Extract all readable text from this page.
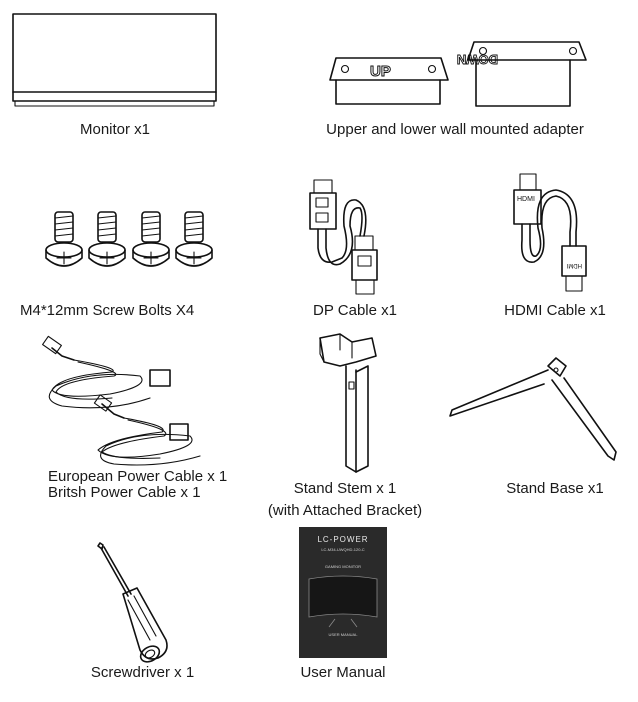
Monitor x1
UP
DOWN
Upper and lower wall mounted adapter
M4*12mm Screw Bolts X4	DP Cable x1
HDMI
HDMI
HDMI Cable x1
European Power Cable x 1
Britsh Power Cable x 1	Stand Stem x 1
(with Attached Bracket)
Stand Base x1
Screwdriver x 1
LC-POWER
LC-M34-UWQHD-120-C
GAMING MONITOR
USER MANUAL
User Manual
